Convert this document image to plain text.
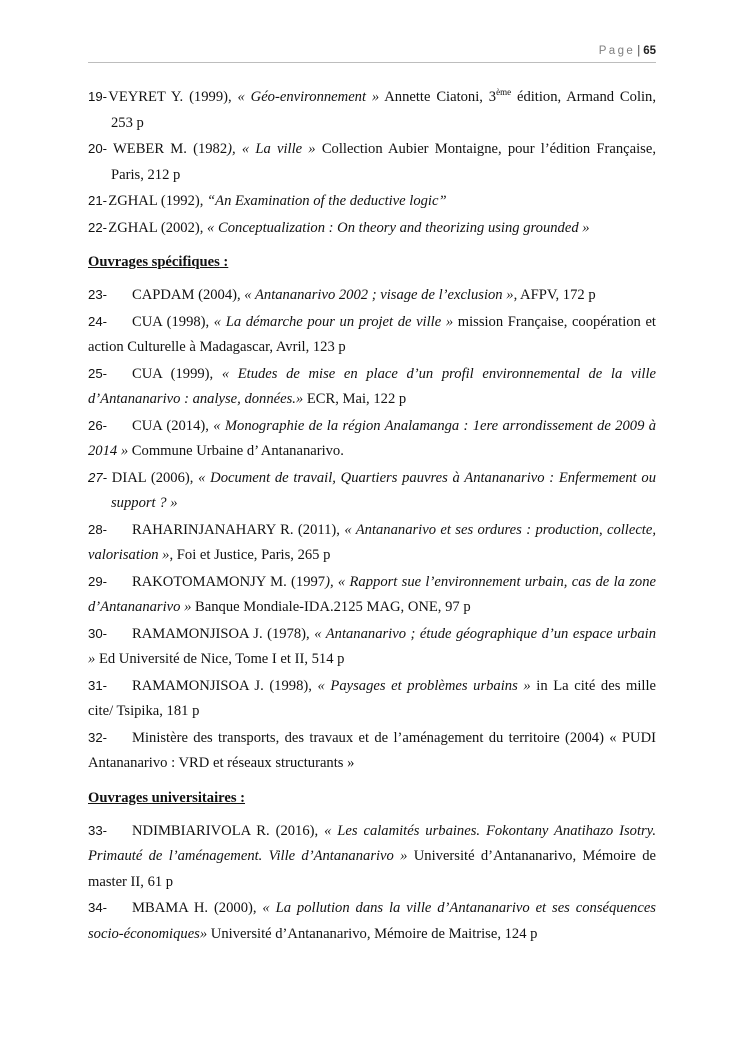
Page | 65

19- VEYRET Y. (1999), « Géo-environnement » Annette Ciatoni, 3ème édition, Armand Colin, 253 p

20- WEBER M. (1982), « La ville » Collection Aubier Montaigne, pour l’édition Française, Paris, 212 p

21- ZGHAL (1992), “An Examination of the deductive logic”

22- ZGHAL (2002), « Conceptualization : On theory and theorizing using grounded »

Ouvrages spécifiques :

23- CAPDAM (2004), « Antananarivo 2002 ; visage de l’exclusion », AFPV, 172 p

24- CUA (1998), « La démarche pour un projet de ville » mission Française, coopération et action Culturelle à Madagascar, Avril, 123 p

25- CUA (1999), « Etudes de mise en place d’un profil environnemental de la ville d’Antananarivo : analyse, données.» ECR, Mai, 122 p

26- CUA (2014), « Monographie de la région Analamanga : 1ere arrondissement de 2009 à 2014 » Commune Urbaine d’ Antananarivo.

27- DIAL (2006), « Document de travail, Quartiers pauvres à Antananarivo : Enfermement ou support ? »

28- RAHARINJANAHARY R. (2011), « Antananarivo et ses ordures : production, collecte, valorisation », Foi et Justice, Paris, 265 p

29- RAKOTOMAMONJY M. (1997), « Rapport sue l’environnement urbain, cas de la zone d’Antananarivo » Banque Mondiale-IDA.2125 MAG, ONE, 97 p

30- RAMAMONJISOA J. (1978), « Antananarivo ; étude géographique d’un espace urbain » Ed Université de Nice, Tome I et II, 514 p

31- RAMAMONJISOA J. (1998), « Paysages et problèmes urbains » in La cité des mille cite/ Tsipika, 181 p

32- Ministère des transports, des travaux et de l’aménagement du territoire (2004) « PUDI Antananarivo : VRD et réseaux structurants »

Ouvrages universitaires :

33- NDIMBIARIVOLA R. (2016), « Les calamités urbaines. Fokontany Anatihazo Isotry. Primauté de l’aménagement. Ville d’Antananarivo » Université d’Antananarivo, Mémoire de master II, 61 p

34- MBAMA H. (2000), « La pollution dans la ville d’Antananarivo et ses conséquences socio-économiques» Université d’Antananarivo, Mémoire de Maitrise, 124 p
